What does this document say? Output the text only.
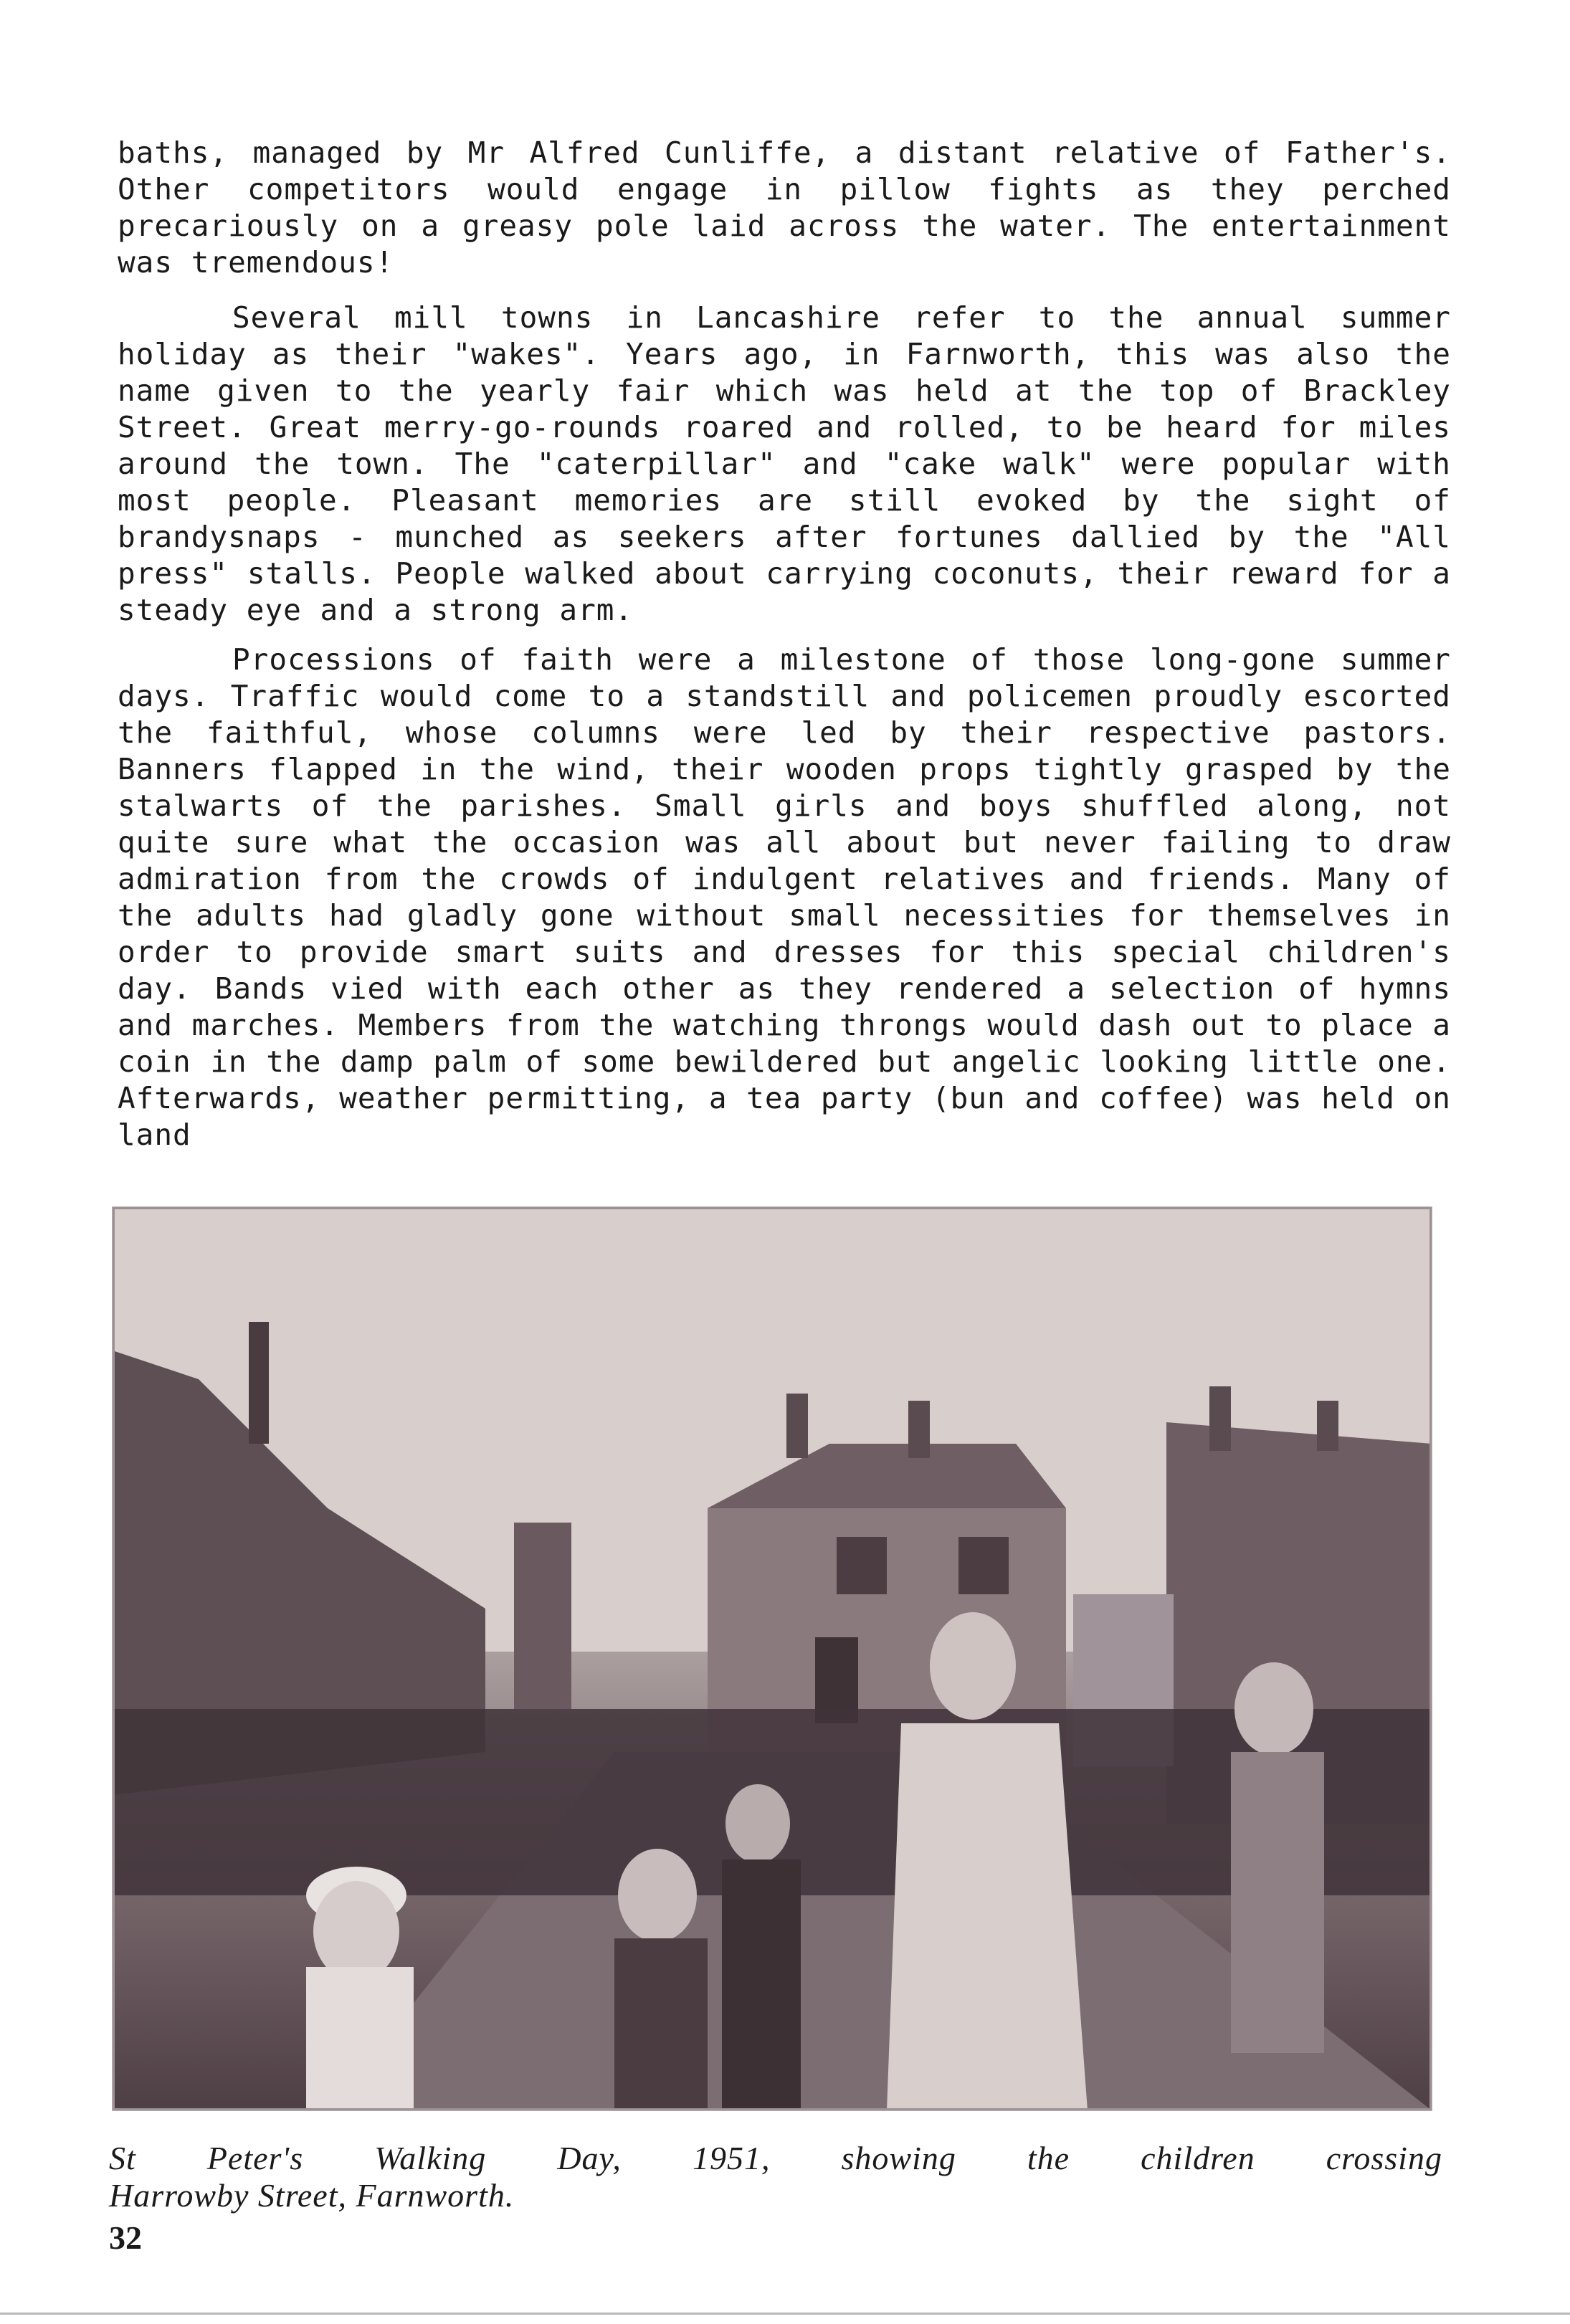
baths, managed by Mr Alfred Cunliffe, a distant relative of Father's. Other competitors would engage in pillow fights as they perched precariously on a greasy pole laid across the water. The entertainment was tremendous!

Several mill towns in Lancashire refer to the annual summer holiday as their "wakes". Years ago, in Farnworth, this was also the name given to the yearly fair which was held at the top of Brackley Street. Great merry-go-rounds roared and rolled, to be heard for miles around the town. The "caterpillar" and "cake walk" were popular with most people. Pleasant memories are still evoked by the sight of brandysnaps - munched as seekers after fortunes dallied by the "All press" stalls. People walked about carrying coconuts, their reward for a steady eye and a strong arm.

Processions of faith were a milestone of those long-gone summer days. Traffic would come to a standstill and policemen proudly escorted the faithful, whose columns were led by their respective pastors. Banners flapped in the wind, their wooden props tightly grasped by the stalwarts of the parishes. Small girls and boys shuffled along, not quite sure what the occasion was all about but never failing to draw admiration from the crowds of indulgent relatives and friends. Many of the adults had gladly gone without small necessities for themselves in order to provide smart suits and dresses for this special children's day. Bands vied with each other as they rendered a selection of hymns and marches. Members from the watching throngs would dash out to place a coin in the damp palm of some bewildered but angelic looking little one. Afterwards, weather permitting, a tea party (bun and coffee) was held on land

St Peter's Walking Day, 1951, showing the children crossing
Harrowby Street, Farnworth.
32
